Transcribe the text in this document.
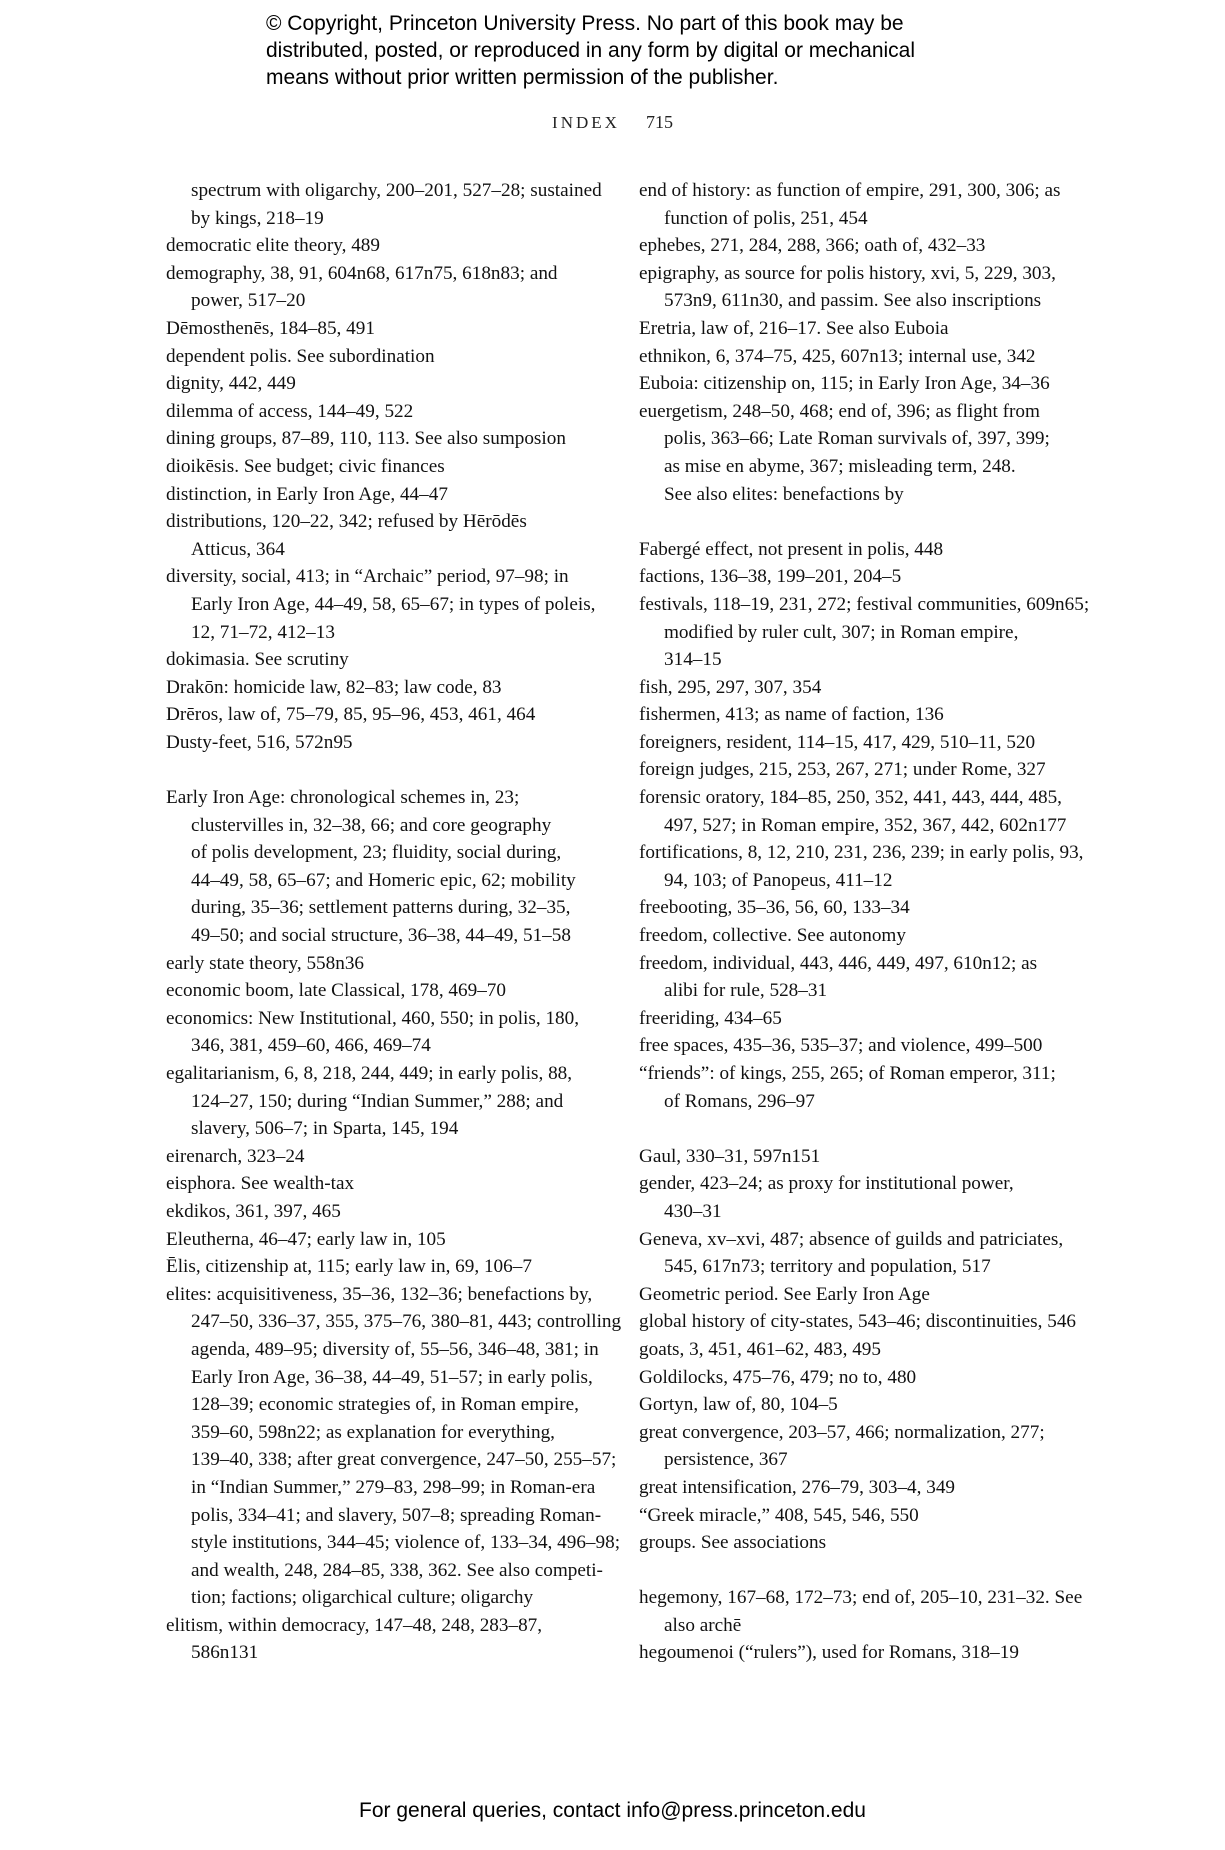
© Copyright, Princeton University Press. No part of this book may be
distributed, posted, or reproduced in any form by digital or mechanical
means without prior written permission of the publisher.
INDEX 715
spectrum with oligarchy, 200–201, 527–28; sustained
by kings, 218–19
democratic elite theory, 489
demography, 38, 91, 604n68, 617n75, 618n83; and
power, 517–20
Dēmosthenēs, 184–85, 491
dependent polis. See subordination
dignity, 442, 449
dilemma of access, 144–49, 522
dining groups, 87–89, 110, 113. See also sumposion
dioikēsis. See budget; civic finances
distinction, in Early Iron Age, 44–47
distributions, 120–22, 342; refused by Hērōdēs
Atticus, 364
diversity, social, 413; in “Archaic” period, 97–98; in
Early Iron Age, 44–49, 58, 65–67; in types of poleis,
12, 71–72, 412–13
dokimasia. See scrutiny
Drakōn: homicide law, 82–83; law code, 83
Drēros, law of, 75–79, 85, 95–96, 453, 461, 464
Dusty-feet, 516, 572n95
Early Iron Age: chronological schemes in, 23;
clustervilles in, 32–38, 66; and core geography
of polis development, 23; fluidity, social during,
44–49, 58, 65–67; and Homeric epic, 62; mobility
during, 35–36; settlement patterns during, 32–35,
49–50; and social structure, 36–38, 44–49, 51–58
early state theory, 558n36
economic boom, late Classical, 178, 469–70
economics: New Institutional, 460, 550; in polis, 180,
346, 381, 459–60, 466, 469–74
egalitarianism, 6, 8, 218, 244, 449; in early polis, 88,
124–27, 150; during “Indian Summer,” 288; and
slavery, 506–7; in Sparta, 145, 194
eirenarch, 323–24
eisphora. See wealth-tax
ekdikos, 361, 397, 465
Eleutherna, 46–47; early law in, 105
Ēlis, citizenship at, 115; early law in, 69, 106–7
elites: acquisitiveness, 35–36, 132–36; benefactions by,
247–50, 336–37, 355, 375–76, 380–81, 443; controlling
agenda, 489–95; diversity of, 55–56, 346–48, 381; in
Early Iron Age, 36–38, 44–49, 51–57; in early polis,
128–39; economic strategies of, in Roman empire,
359–60, 598n22; as explanation for everything,
139–40, 338; after great convergence, 247–50, 255–57;
in “Indian Summer,” 279–83, 298–99; in Roman-era
polis, 334–41; and slavery, 507–8; spreading Roman-
style institutions, 344–45; violence of, 133–34, 496–98;
and wealth, 248, 284–85, 338, 362. See also competi-
tion; factions; oligarchical culture; oligarchy
elitism, within democracy, 147–48, 248, 283–87,
586n131
end of history: as function of empire, 291, 300, 306; as
function of polis, 251, 454
ephebes, 271, 284, 288, 366; oath of, 432–33
epigraphy, as source for polis history, xvi, 5, 229, 303,
573n9, 611n30, and passim. See also inscriptions
Eretria, law of, 216–17. See also Euboia
ethnikon, 6, 374–75, 425, 607n13; internal use, 342
Euboia: citizenship on, 115; in Early Iron Age, 34–36
euergetism, 248–50, 468; end of, 396; as flight from
polis, 363–66; Late Roman survivals of, 397, 399;
as mise en abyme, 367; misleading term, 248.
See also elites: benefactions by
Fabergé effect, not present in polis, 448
factions, 136–38, 199–201, 204–5
festivals, 118–19, 231, 272; festival communities, 609n65;
modified by ruler cult, 307; in Roman empire,
314–15
fish, 295, 297, 307, 354
fishermen, 413; as name of faction, 136
foreigners, resident, 114–15, 417, 429, 510–11, 520
foreign judges, 215, 253, 267, 271; under Rome, 327
forensic oratory, 184–85, 250, 352, 441, 443, 444, 485,
497, 527; in Roman empire, 352, 367, 442, 602n177
fortifications, 8, 12, 210, 231, 236, 239; in early polis, 93,
94, 103; of Panopeus, 411–12
freebooting, 35–36, 56, 60, 133–34
freedom, collective. See autonomy
freedom, individual, 443, 446, 449, 497, 610n12; as
alibi for rule, 528–31
freeriding, 434–65
free spaces, 435–36, 535–37; and violence, 499–500
“friends”: of kings, 255, 265; of Roman emperor, 311;
of Romans, 296–97
Gaul, 330–31, 597n151
gender, 423–24; as proxy for institutional power,
430–31
Geneva, xv–xvi, 487; absence of guilds and patriciates,
545, 617n73; territory and population, 517
Geometric period. See Early Iron Age
global history of city-states, 543–46; discontinuities, 546
goats, 3, 451, 461–62, 483, 495
Goldilocks, 475–76, 479; no to, 480
Gortyn, law of, 80, 104–5
great convergence, 203–57, 466; normalization, 277;
persistence, 367
great intensification, 276–79, 303–4, 349
“Greek miracle,” 408, 545, 546, 550
groups. See associations
hegemony, 167–68, 172–73; end of, 205–10, 231–32. See
also archē
hegoumenoi (“rulers”), used for Romans, 318–19
For general queries, contact info@press.princeton.edu
